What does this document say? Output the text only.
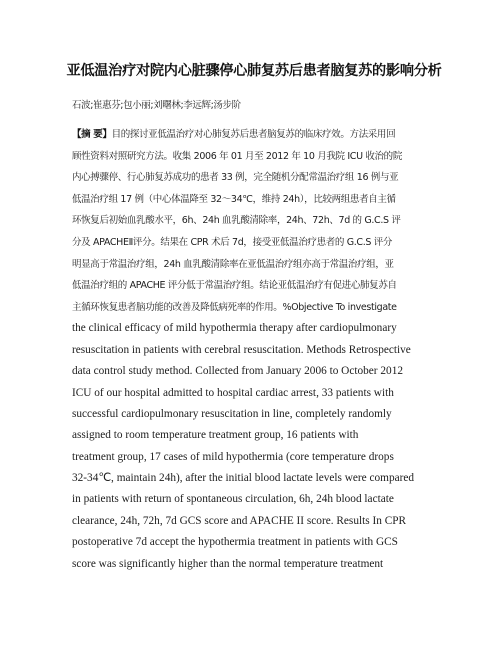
亚低温治疗对院内心脏骤停心肺复苏后患者脑复苏的影响分析
石波;崔惠芬;包小丽;刘曙林;李远辉;汤步阶
【摘 要】目的探讨亚低温治疗对心肺复苏后患者脑复苏的临床疗效。方法采用回
顾性资料对照研究方法。收集 2006 年 01 月至 2012 年 10 月我院 ICU 收治的院
内心搏骤停、行心肺复苏成功的患者 33 例，完全随机分配常温治疗组 16 例与亚
低温治疗组 17 例（中心体温降至 32～34℃，维持 24h），比较两组患者自主循
环恢复后初始血乳酸水平，6h、24h 血乳酸清除率，24h、72h、7d 的 G.C.S 评
分及 APACHEⅡ评分。结果在 CPR 术后 7d，接受亚低温治疗患者的 G.C.S 评分
明显高于常温治疗组，24h 血乳酸清除率在亚低温治疗组亦高于常温治疗组，亚
低温治疗组的 APACHE 评分低于常温治疗组。结论亚低温治疗有促进心肺复苏自
主循环恢复患者脑功能的改善及降低病死率的作用。%Objective To investigate
the clinical efficacy of mild hypothermia therapy after cardiopulmonary
resuscitation in patients with cerebral resuscitation. Methods Retrospective
data control study method. Collected from January 2006 to October 2012
ICU of our hospital admitted to hospital cardiac arrest, 33 patients with
successful cardiopulmonary resuscitation in line, completely randomly
assigned to room temperature treatment group, 16 patients with
treatment group, 17 cases of mild hypothermia (core temperature drops
32-34℃, maintain 24h), after the initial blood lactate levels were compared
in patients with return of spontaneous circulation, 6h, 24h blood lactate
clearance, 24h, 72h, 7d GCS score and APACHE II score. Results In CPR
postoperative 7d accept the hypothermia treatment in patients with GCS
score was significantly higher than the normal temperature treatment
